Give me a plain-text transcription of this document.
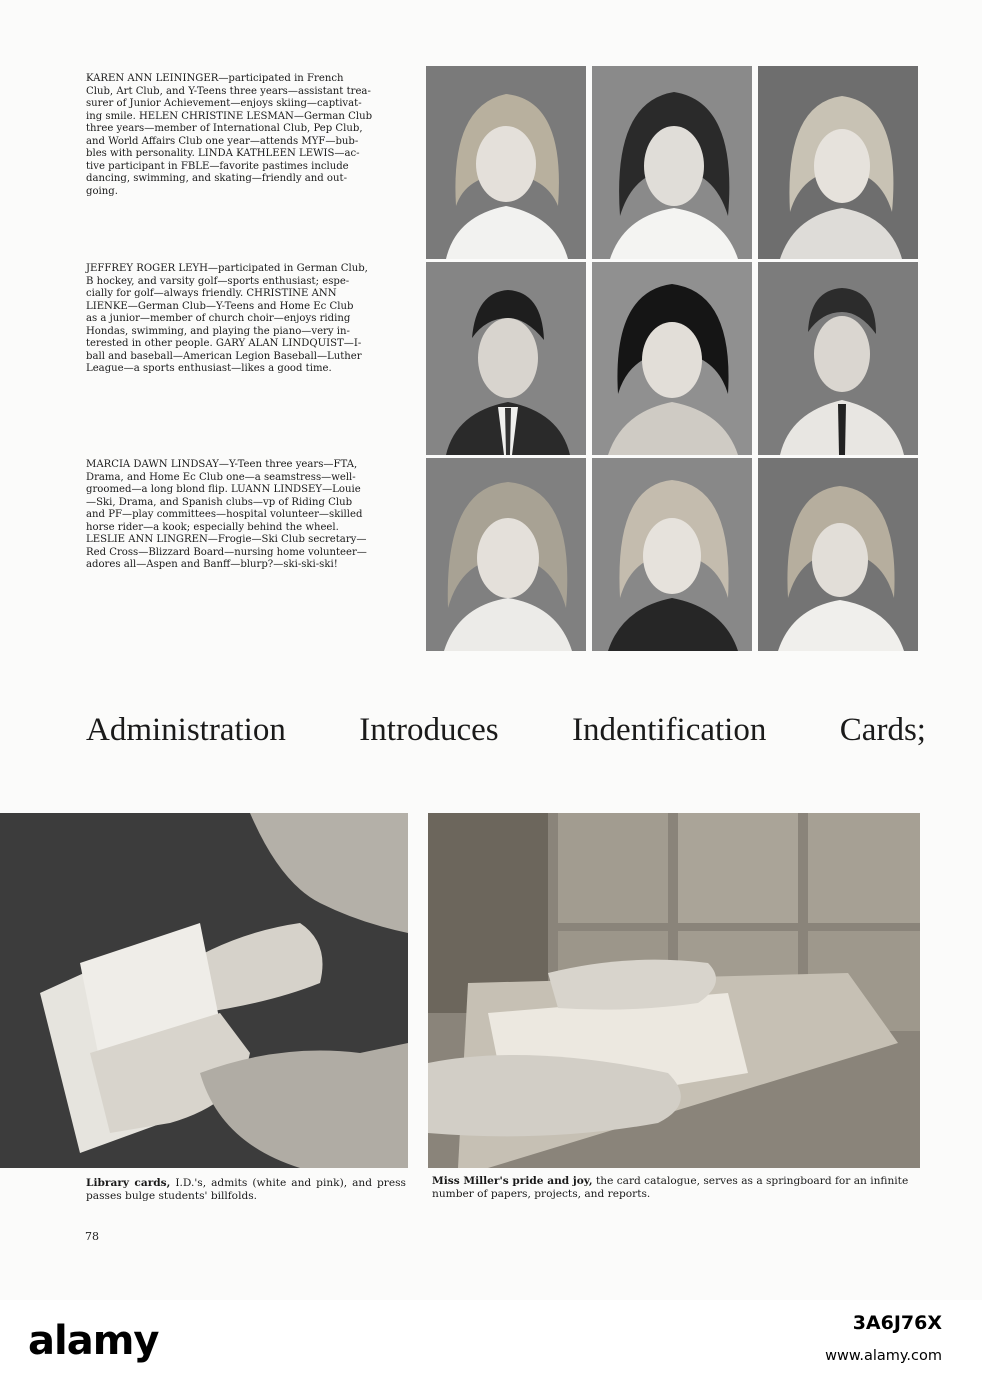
KAREN ANN LEININGER—participated in French
Club, Art Club, and Y-Teens three years—assistant trea-
surer of Junior Achievement—enjoys skiing—captivat-
ing smile. HELEN CHRISTINE LESMAN—German Club
three years—member of International Club, Pep Club,
and World Affairs Club one year—attends MYF—bub-
bles with personality. LINDA KATHLEEN LEWIS—ac-
tive participant in FBLE—favorite pastimes include
dancing, swimming, and skating—friendly and out-
going.
JEFFREY ROGER LEYH—participated in German Club,
B hockey, and varsity golf—sports enthusiast; espe-
cially for golf—always friendly. CHRISTINE ANN
LIENKE—German Club—Y-Teens and Home Ec Club
as a junior—member of church choir—enjoys riding
Hondas, swimming, and playing the piano—very in-
terested in other people. GARY ALAN LINDQUIST—I-
ball and baseball—American Legion Baseball—Luther
League—a sports enthusiast—likes a good time.
MARCIA DAWN LINDSAY—Y-Teen three years—FTA,
Drama, and Home Ec Club one—a seamstress—well-
groomed—a long blond flip. LUANN LINDSEY—Louie
—Ski, Drama, and Spanish clubs—vp of Riding Club
and PF—play committees—hospital volunteer—skilled
horse rider—a kook; especially behind the wheel.
LESLIE ANN LINGREN—Frogie—Ski Club secretary—
Red Cross—Blizzard Board—nursing home volunteer—
adores all—Aspen and Banff—blurp?—ski-ski-ski!
Administration Introduces Indentification Cards;

Library cards, I.D.'s, admits (white and pink), and press passes bulge students' billfolds.

Miss Miller's pride and joy, the card catalogue, serves as a springboard for an infinite number of papers, projects, and reports.

78
alamy	3A6J76X
www.alamy.com
